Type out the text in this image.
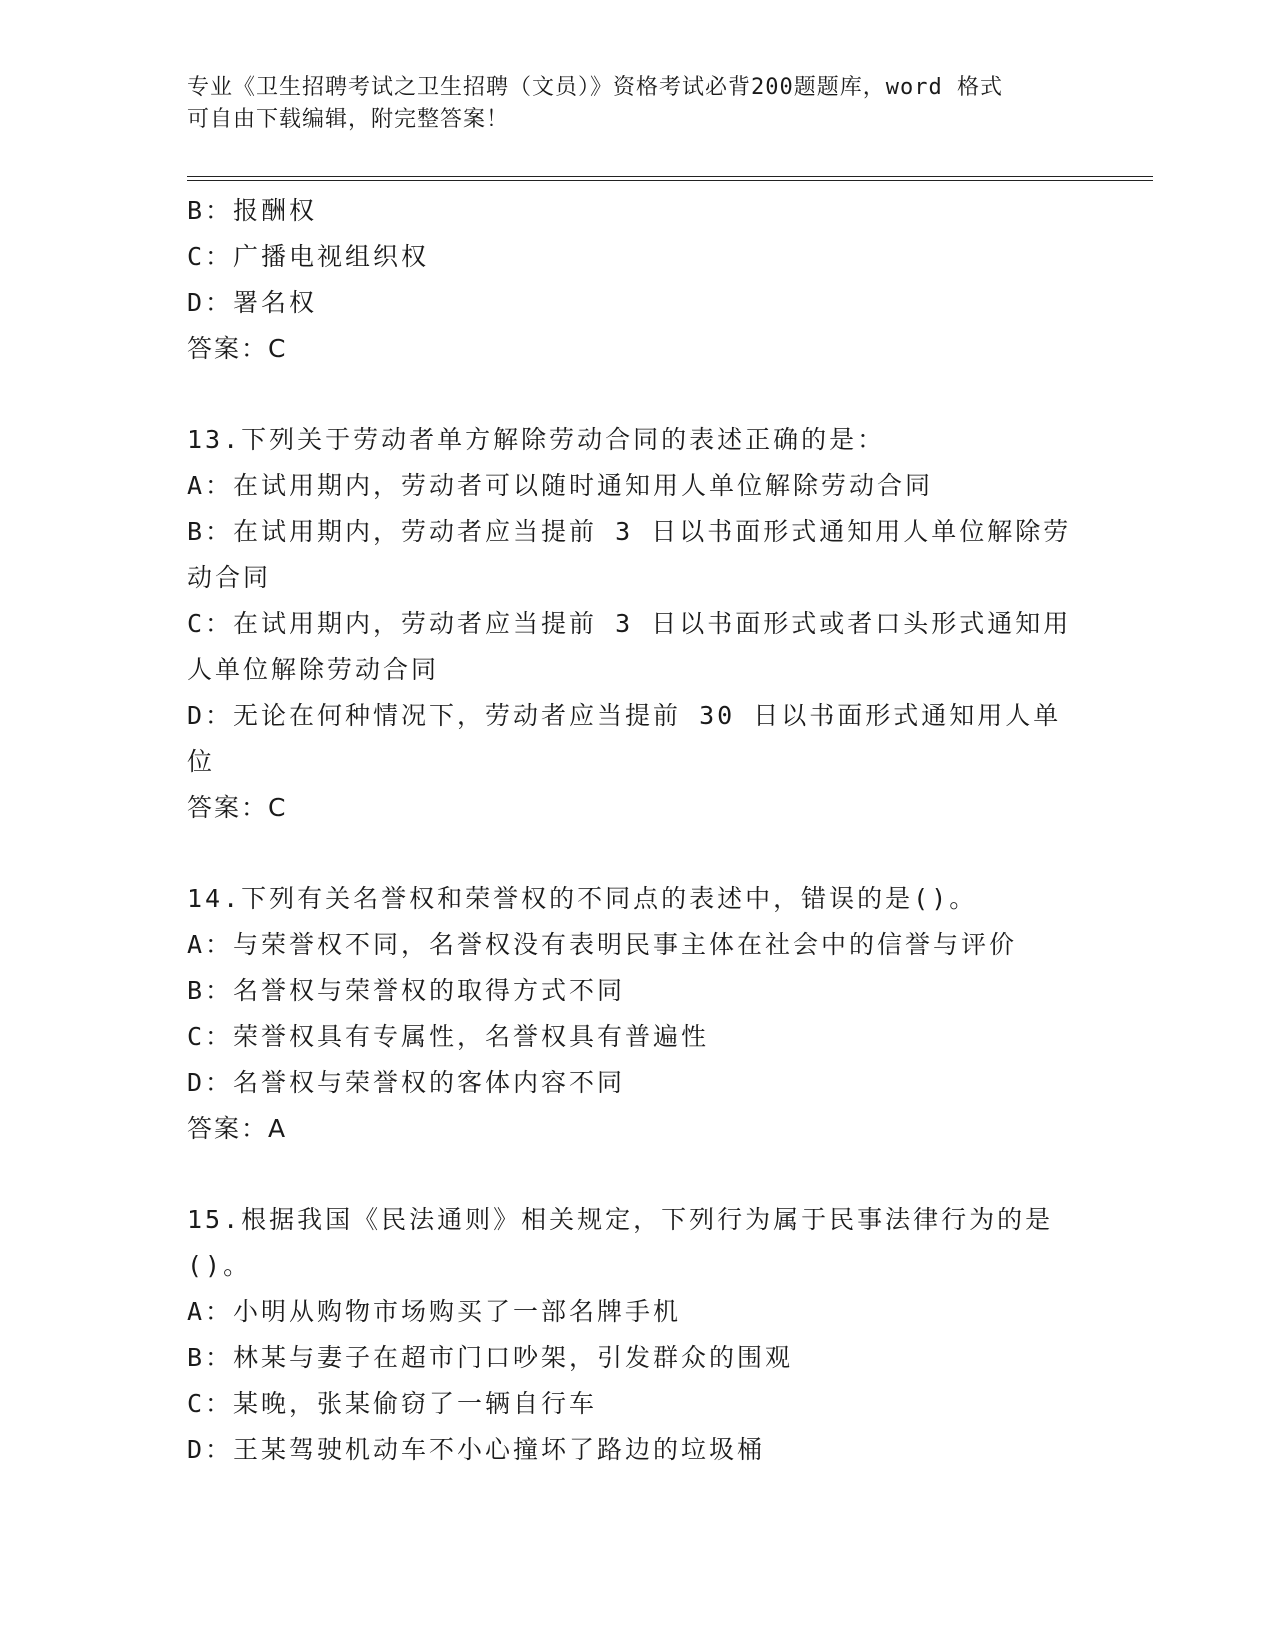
专业《卫生招聘考试之卫生招聘（文员）》资格考试必背200题题库，word 格式
可自由下载编辑，附完整答案！
B：报酬权
C：广播电视组织权
D：署名权
答案：C
13.下列关于劳动者单方解除劳动合同的表述正确的是：
A：在试用期内，劳动者可以随时通知用人单位解除劳动合同
B：在试用期内，劳动者应当提前 3 日以书面形式通知用人单位解除劳
动合同
C：在试用期内，劳动者应当提前 3 日以书面形式或者口头形式通知用
人单位解除劳动合同
D：无论在何种情况下，劳动者应当提前 30 日以书面形式通知用人单
位
答案：C
14.下列有关名誉权和荣誉权的不同点的表述中，错误的是()。
A：与荣誉权不同，名誉权没有表明民事主体在社会中的信誉与评价
B：名誉权与荣誉权的取得方式不同
C：荣誉权具有专属性，名誉权具有普遍性
D：名誉权与荣誉权的客体内容不同
答案：A
15.根据我国《民法通则》相关规定，下列行为属于民事法律行为的是
()。
A：小明从购物市场购买了一部名牌手机
B：林某与妻子在超市门口吵架，引发群众的围观
C：某晚，张某偷窃了一辆自行车
D：王某驾驶机动车不小心撞坏了路边的垃圾桶
